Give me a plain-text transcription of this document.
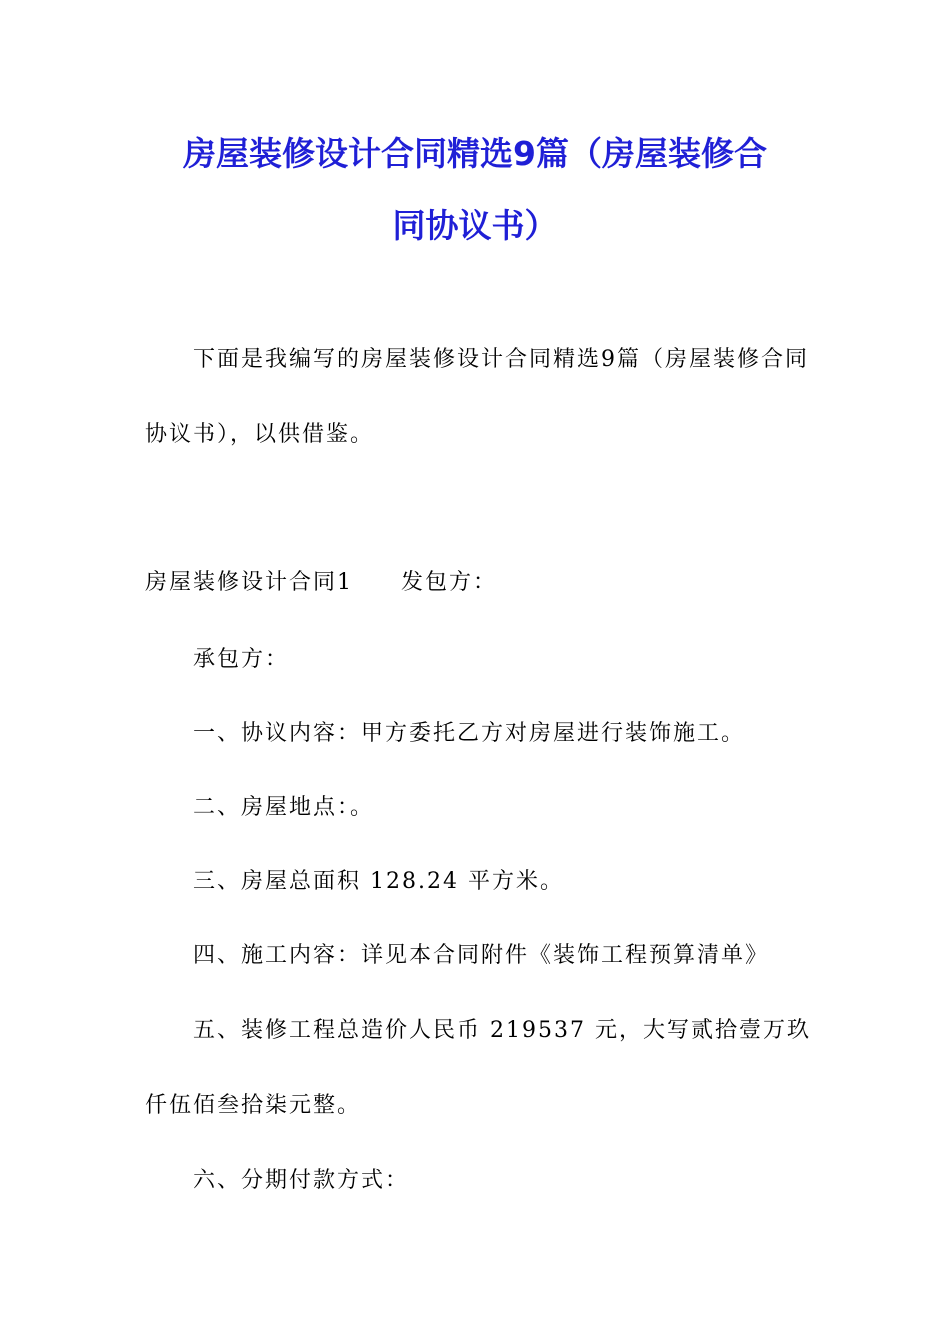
房屋装修设计合同精选9篇（房屋装修合
同协议书）
下面是我编写的房屋装修设计合同精选9篇（房屋装修合同
协议书），以供借鉴。
房屋装修设计合同1 发包方：
承包方：
一、协议内容：甲方委托乙方对房屋进行装饰施工。
二、房屋地点：。
三、房屋总面积 128.24 平方米。
四、施工内容：详见本合同附件《装饰工程预算清单》
五、装修工程总造价人民币 219537 元，大写贰拾壹万玖
仟伍佰叁拾柒元整。
六、分期付款方式：
